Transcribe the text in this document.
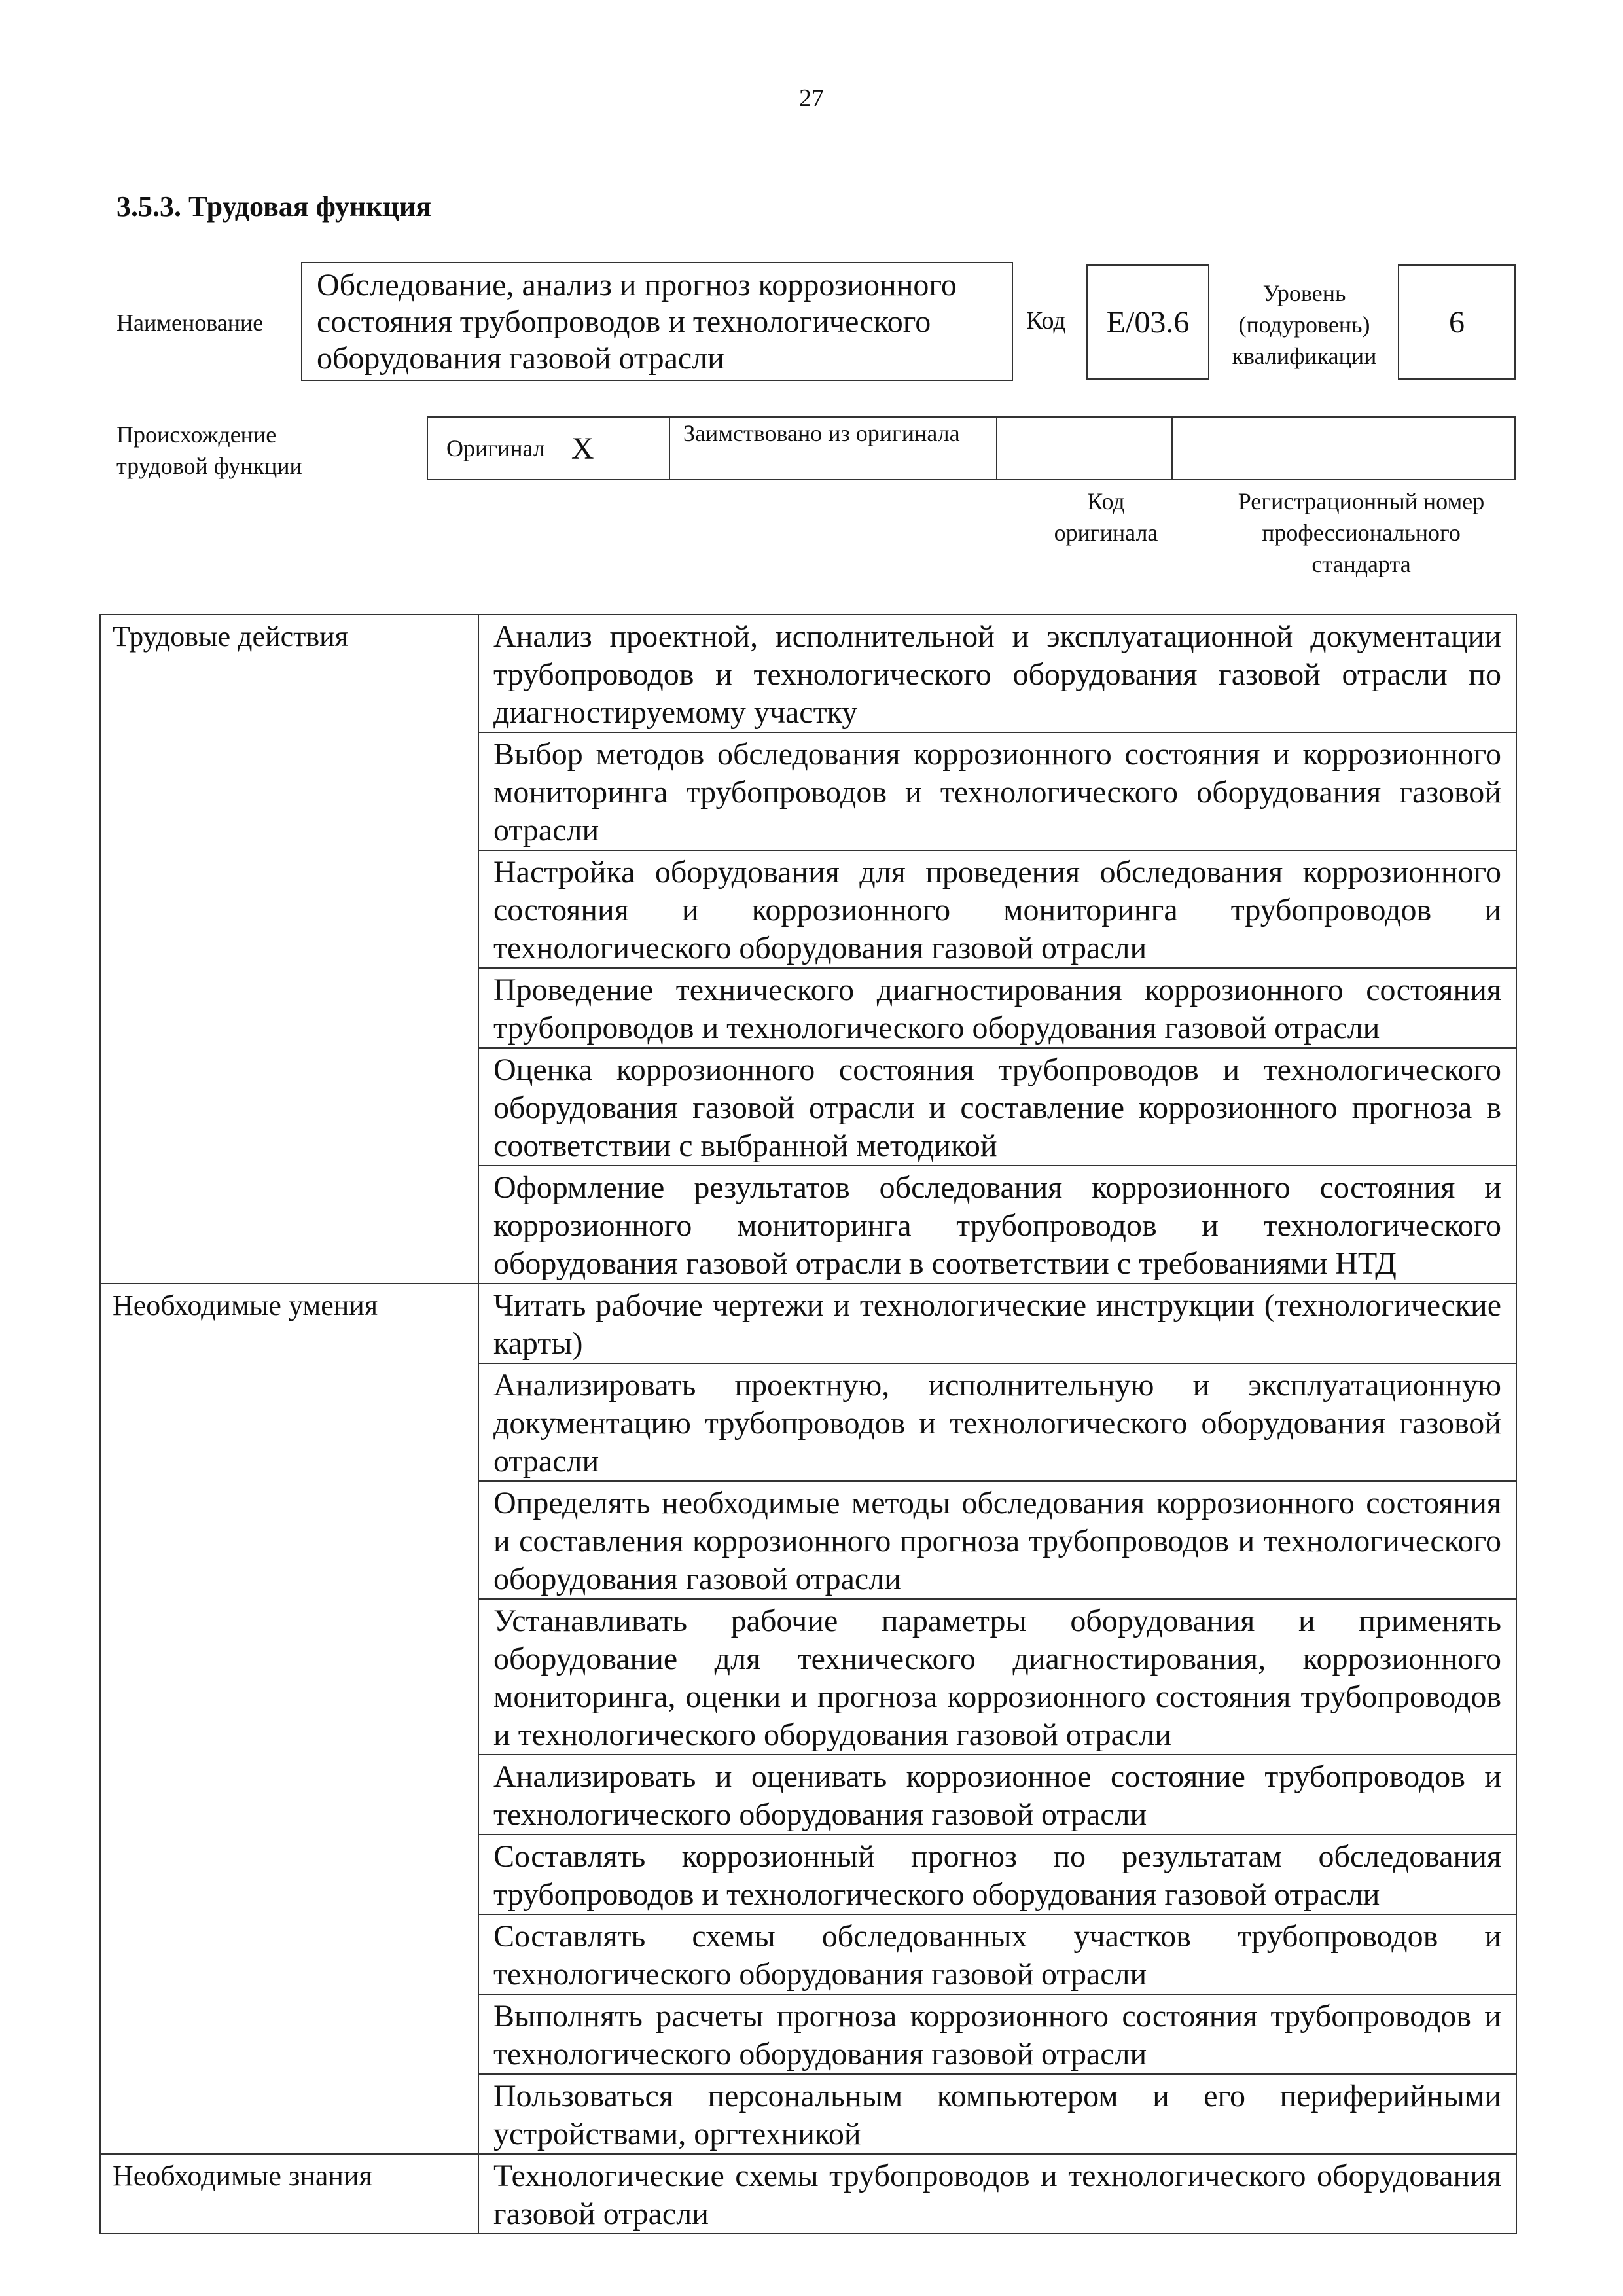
27
3.5.3. Трудовая функция
Наименование
Обследование, анализ и прогноз коррозионного состояния трубопроводов и технологического оборудования газовой отрасли
Код	E/03.6
Уровень
(подуровень)
квалификации
6
Происхождение
трудовой функции
Оригинал X	Заимствовано из оригинала
Код
оригинала
Регистрационный номер
профессионального
стандарта
Трудовые действия	Анализ проектной, исполнительной и эксплуатационной документации трубопроводов и технологического оборудования газовой отрасли по диагностируемому участку
	Выбор методов обследования коррозионного состояния и коррозионного мониторинга трубопроводов и технологического оборудования газовой отрасли
	Настройка оборудования для проведения обследования коррозионного состояния и коррозионного мониторинга трубопроводов и технологического оборудования газовой отрасли
	Проведение технического диагностирования коррозионного состояния трубопроводов и технологического оборудования газовой отрасли
	Оценка коррозионного состояния трубопроводов и технологического оборудования газовой отрасли и составление коррозионного прогноза в соответствии с выбранной методикой
	Оформление результатов обследования коррозионного состояния и коррозионного мониторинга трубопроводов и технологического оборудования газовой отрасли в соответствии с требованиями НТД
Необходимые умения	Читать рабочие чертежи и технологические инструкции (технологические карты)
	Анализировать проектную, исполнительную и эксплуатационную документацию трубопроводов и технологического оборудования газовой отрасли
	Определять необходимые методы обследования коррозионного состояния и составления коррозионного прогноза трубопроводов и технологического оборудования газовой отрасли
	Устанавливать рабочие параметры оборудования и применять оборудование для технического диагностирования, коррозионного мониторинга, оценки и прогноза коррозионного состояния трубопроводов и технологического оборудования газовой отрасли
	Анализировать и оценивать коррозионное состояние трубопроводов и технологического оборудования газовой отрасли
	Составлять коррозионный прогноз по результатам обследования трубопроводов и технологического оборудования газовой отрасли
	Составлять схемы обследованных участков трубопроводов и технологического оборудования газовой отрасли
	Выполнять расчеты прогноза коррозионного состояния трубопроводов и технологического оборудования газовой отрасли
	Пользоваться персональным компьютером и его периферийными устройствами, оргтехникой
Необходимые знания	Технологические схемы трубопроводов и технологического оборудования газовой отрасли
